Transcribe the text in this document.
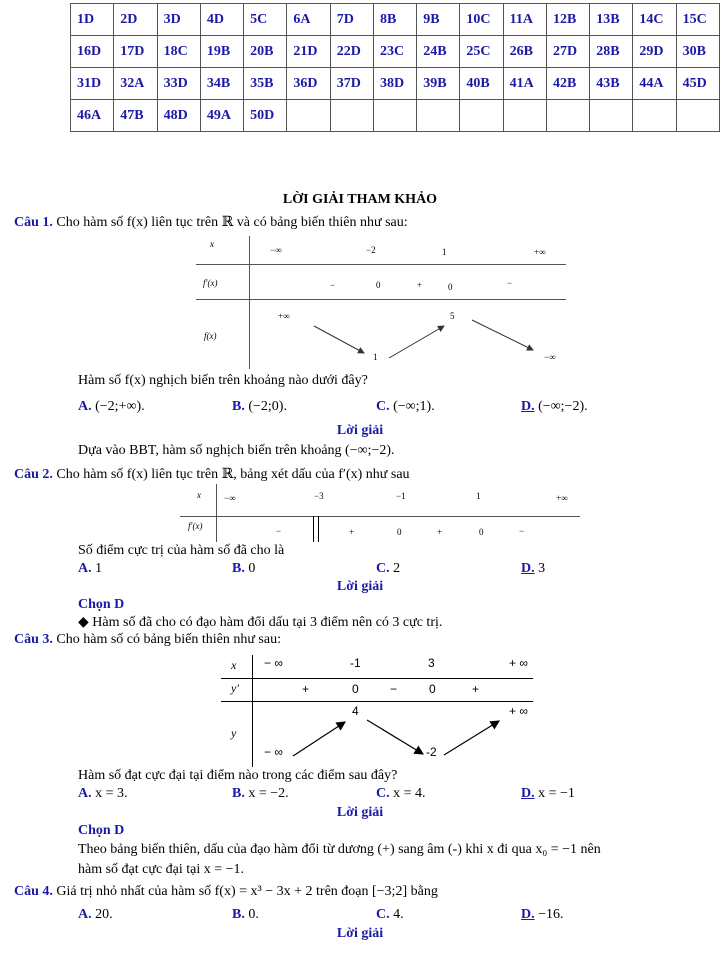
1D	2D	3D	4D	5C	6A	7D	8B	9B	10C	11A	12B	13B	14C	15C
16D	17D	18C	19B	20B	21D	22D	23C	24B	25C	26B	27D	28B	29D	30B
31D	32A	33D	34B	35B	36D	37D	38D	39B	40B	41A	42B	43B	44A	45D
46A	47B	48D	49A	50D										
LỜI GIẢI THAM KHẢO
Câu 1. Cho hàm số f(x) liên tục trên ℝ và có bảng biến thiên như sau:
x
−∞	−2	1	+∞
f′(x)	−	0	+	0	−
f(x)
+∞	5
1	−∞
Hàm số f(x) nghịch biến trên khoảng nào dưới đây?
A. (−2;+∞).	B. (−2;0).	C. (−∞;1).	D. (−∞;−2).
Lời giải
Dựa vào BBT, hàm số nghịch biến trên khoảng (−∞;−2).
Câu 2. Cho hàm số f(x) liên tục trên ℝ, bảng xét dấu của f′(x) như sau
x	−∞	−3	−1	1	+∞
f′(x)	−	+	0	+	0	−
Số điểm cực trị của hàm số đã cho là
A. 1	B. 0	C. 2	D. 3
Lời giải
Chọn D
◆ Hàm số đã cho có đạo hàm đổi dấu tại 3 điểm nên có 3 cực trị.
Câu 3. Cho hàm số có bảng biến thiên như sau:
x − ∞	-1	3	+ ∞
y′	+	0	−	0	+
y
4	+ ∞
− ∞	-2
Hàm số đạt cực đại tại điểm nào trong các điểm sau đây?
A. x = 3.	B. x = −2.	C. x = 4.	D. x = −1
Lời giải
Chọn D
Theo bảng biến thiên, dấu của đạo hàm đổi từ dương (+) sang âm (-) khi x đi qua x₀ = −1 nên
hàm số đạt cực đại tại x = −1.
Câu 4. Giá trị nhỏ nhất của hàm số f(x) = x³ − 3x + 2 trên đoạn [−3;2] bằng
A. 20.	B. 0.	C. 4.	D. −16.
Lời giải
